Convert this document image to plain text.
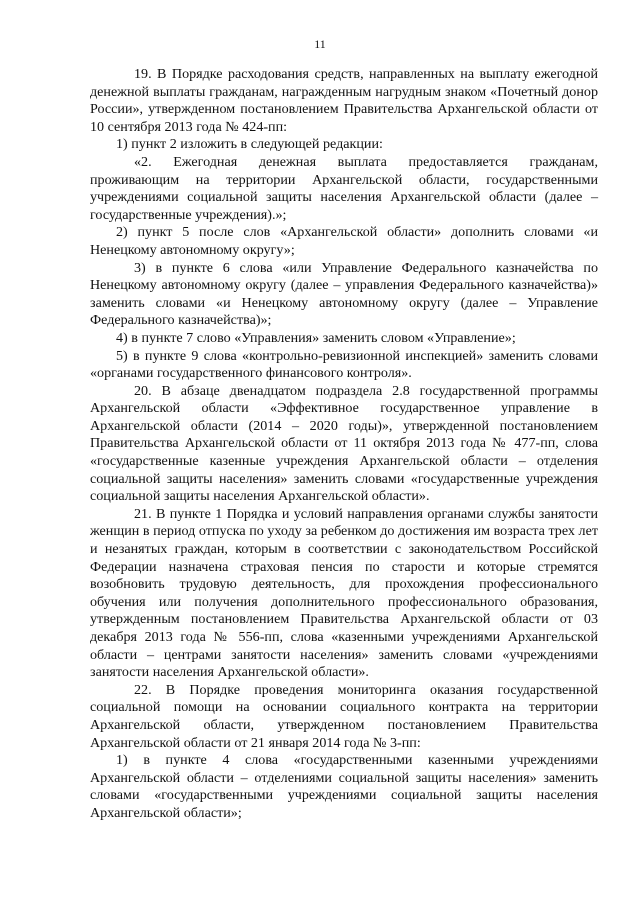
11

19. В Порядке расходования средств, направленных на выплату ежегодной денежной выплаты гражданам, награжденным нагрудным знаком «Почетный донор России», утвержденном постановлением Правительства Архангельской области от 10 сентября 2013 года № 424-пп:

1) пункт 2 изложить в следующей редакции:

«2. Ежегодная денежная выплата предоставляется гражданам, проживающим на территории Архангельской области, государственными учреждениями социальной защиты населения Архангельской области (далее – государственные учреждения).»;

2) пункт 5 после слов «Архангельской области» дополнить словами «и Ненецкому автономному округу»;

3) в пункте 6 слова «или Управление Федерального казначейства по Ненецкому автономному округу (далее – управления Федерального казначейства)» заменить словами «и Ненецкому автономному округу (далее – Управление Федерального казначейства)»;

4) в пункте 7 слово «Управления» заменить словом «Управление»;

5) в пункте 9 слова «контрольно-ревизионной инспекцией» заменить словами «органами государственного финансового контроля».

20. В абзаце двенадцатом подраздела 2.8 государственной программы Архангельской области «Эффективное государственное управление в Архангельской области (2014 – 2020 годы)», утвержденной постановлением Правительства Архангельской области от 11 октября 2013 года № 477-пп, слова «государственные казенные учреждения Архангельской области – отделения социальной защиты населения» заменить словами «государственные учреждения социальной защиты населения Архангельской области».

21. В пункте 1 Порядка и условий направления органами службы занятости женщин в период отпуска по уходу за ребенком до достижения им возраста трех лет и незанятых граждан, которым в соответствии с законодательством Российской Федерации назначена страховая пенсия по старости и которые стремятся возобновить трудовую деятельность, для прохождения профессионального обучения или получения дополнительного профессионального образования, утвержденным постановлением Правительства Архангельской области от 03 декабря 2013 года № 556-пп, слова «казенными учреждениями Архангельской области – центрами занятости населения» заменить словами «учреждениями занятости населения Архангельской области».

22. В Порядке проведения мониторинга оказания государственной социальной помощи на основании социального контракта на территории Архангельской области, утвержденном постановлением Правительства Архангельской области от 21 января 2014 года № 3-пп:

1) в пункте 4 слова «государственными казенными учреждениями Архангельской области – отделениями социальной защиты населения» заменить словами «государственными учреждениями социальной защиты населения Архангельской области»;
